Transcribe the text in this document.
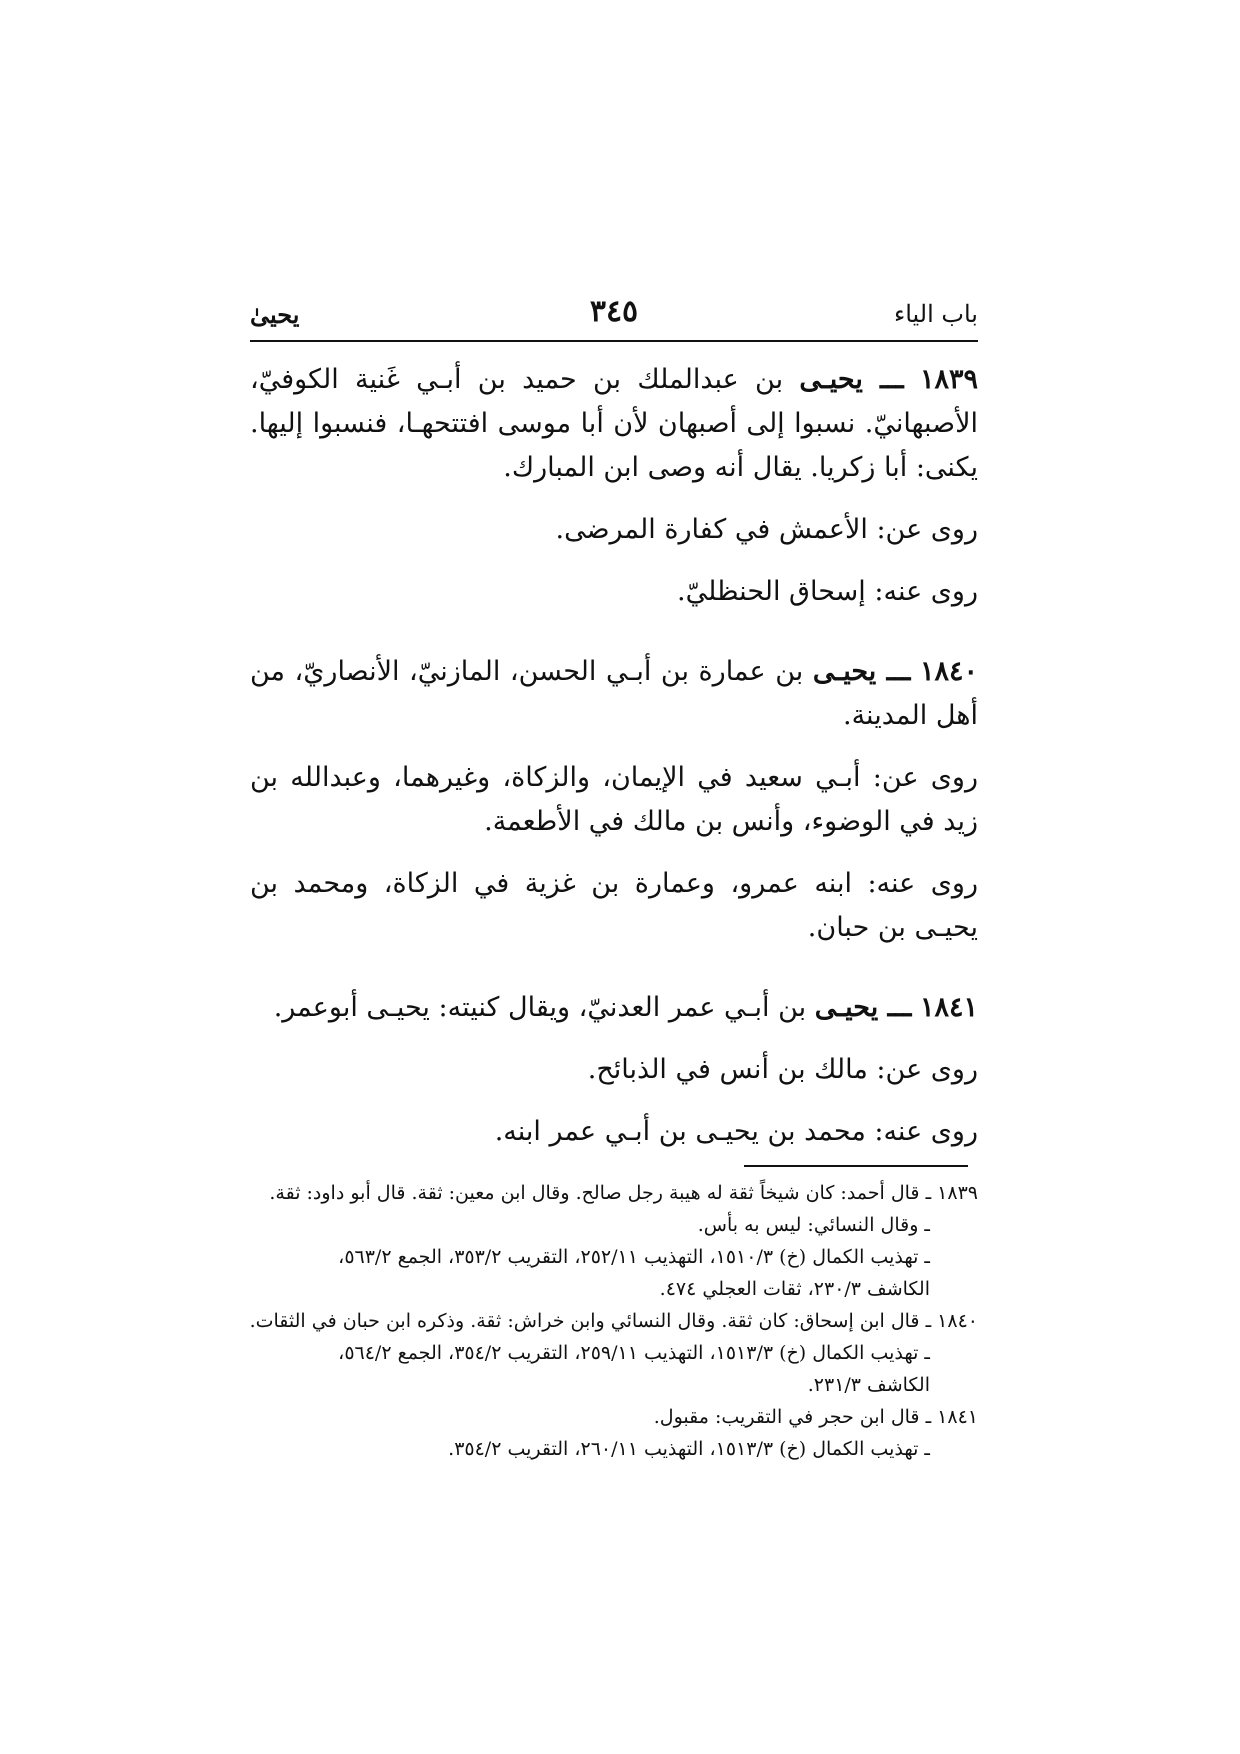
باب الياء
٣٤٥
يحيىٰ

١٨٣٩ ـــ يحيـى بن عبدالملك بن حميد بن أبـي غَنية الكوفيّ، الأصبهانيّ. نسبوا إلى أصبهان لأن أبا موسى افتتحهـا، فنسبوا إليها. يكنى: أبا زكريا. يقال أنه وصى ابن المبارك.

روى عن: الأعمش في كفارة المرضى.

روى عنه: إسحاق الحنظليّ.

١٨٤٠ ـــ يحيـى بن عمارة بن أبـي الحسن، المازنيّ، الأنصاريّ، من أهل المدينة.

روى عن: أبـي سعيد في الإيمان، والزكاة، وغيرهما، وعبدالله بن زيد في الوضوء، وأنس بن مالك في الأطعمة.

روى عنه: ابنه عمرو، وعمارة بن غزية في الزكاة، ومحمد بن يحيـى بن حبان.

١٨٤١ ـــ يحيـى بن أبـي عمر العدنيّ، ويقال كنيته: يحيـى أبوعمر.

روى عن: مالك بن أنس في الذبائح.

روى عنه: محمد بن يحيـى بن أبـي عمر ابنه.

١٨٣٩ ـ قال أحمد: كان شيخاً ثقة له هيبة رجل صالح. وقال ابن معين: ثقة. قال أبو داود: ثقة.

ـ وقال النسائي: ليس به بأس.

ـ تهذيب الكمال (خ) ١٥١٠/٣، التهذيب ٢٥٢/١١، التقريب ٣٥٣/٢، الجمع ٥٦٣/٢،

الكاشف ٢٣٠/٣، ثقات العجلي ٤٧٤.

١٨٤٠ ـ قال ابن إسحاق: كان ثقة. وقال النسائي وابن خراش: ثقة. وذكره ابن حبان في الثقات.

ـ تهذيب الكمال (خ) ١٥١٣/٣، التهذيب ٢٥٩/١١، التقريب ٣٥٤/٢، الجمع ٥٦٤/٢،

الكاشف ٢٣١/٣.

١٨٤١ ـ قال ابن حجر في التقريب: مقبول.

ـ تهذيب الكمال (خ) ١٥١٣/٣، التهذيب ٢٦٠/١١، التقريب ٣٥٤/٢.
